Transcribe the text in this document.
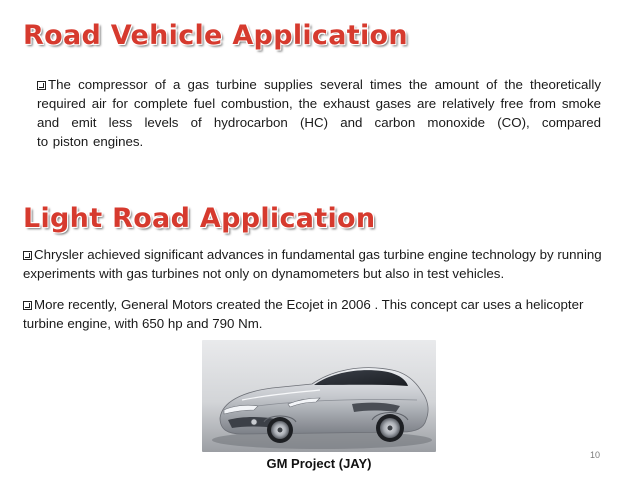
Road Vehicle Application

The compressor of a gas turbine supplies several times the amount of the theoretically required air for complete fuel combustion, the exhaust gases are relatively free from smoke and emit less levels of hydrocarbon (HC) and carbon monoxide (CO), compared
to piston engines.

Light Road Application

Chrysler achieved significant advances in fundamental gas turbine engine technology by running experiments with gas turbines not only on dynamometers but also in test vehicles.

More recently, General Motors created the Ecojet in 2006 . This concept car uses a helicopter turbine engine, with 650 hp and 790 Nm.

GM Project (JAY)

10
